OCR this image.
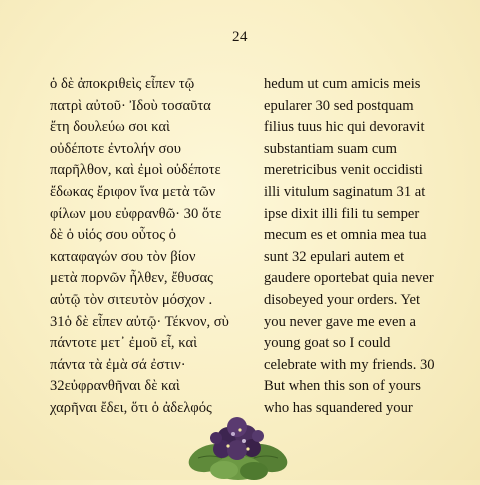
24
ὁ δὲ ἀποκριθεὶς εἶπεν τῷ
πατρὶ αὐτοῦ· Ἰδοὺ τοσαῦτα
ἔτη δουλεύω σοι καὶ
οὐδέποτε ἐντολήν σου
παρῆλθον, καὶ ἐμοὶ οὐδέποτε
ἔδωκας ἔριφον ἵνα μετὰ τῶν
φίλων μου εὐφρανθῶ· 30 ὅτε
δὲ ὁ υἱός σου οὗτος ὁ
καταφαγών σου τὸν βίον
μετὰ πορνῶν ἦλθεν, ἔθυσας
αὐτῷ τὸν σιτευτὸν μόσχον .
31ὁ δὲ εἶπεν αὐτῷ· Τέκνον, σὺ
πάντοτε μετ᾽ ἐμοῦ εἶ, καὶ
πάντα τὰ ἐμὰ σά ἐστιν·
32εὐφρανθῆναι δὲ καὶ
χαρῆναι ἔδει, ὅτι ὁ ἀδελφός
hedum ut cum amicis meis
epularer 30 sed postquam
filius tuus hic qui devoravit
substantiam suam cum
meretricibus venit occidisti
illi vitulum saginatum 31 at
ipse dixit illi fili tu semper
mecum es et omnia mea tua
sunt 32 epulari autem et
gaudere oportebat quia never
disobeyed your orders. Yet
you never gave me even a
young goat so I could
celebrate with my friends. 30
But when this son of yours
who has squandered your
